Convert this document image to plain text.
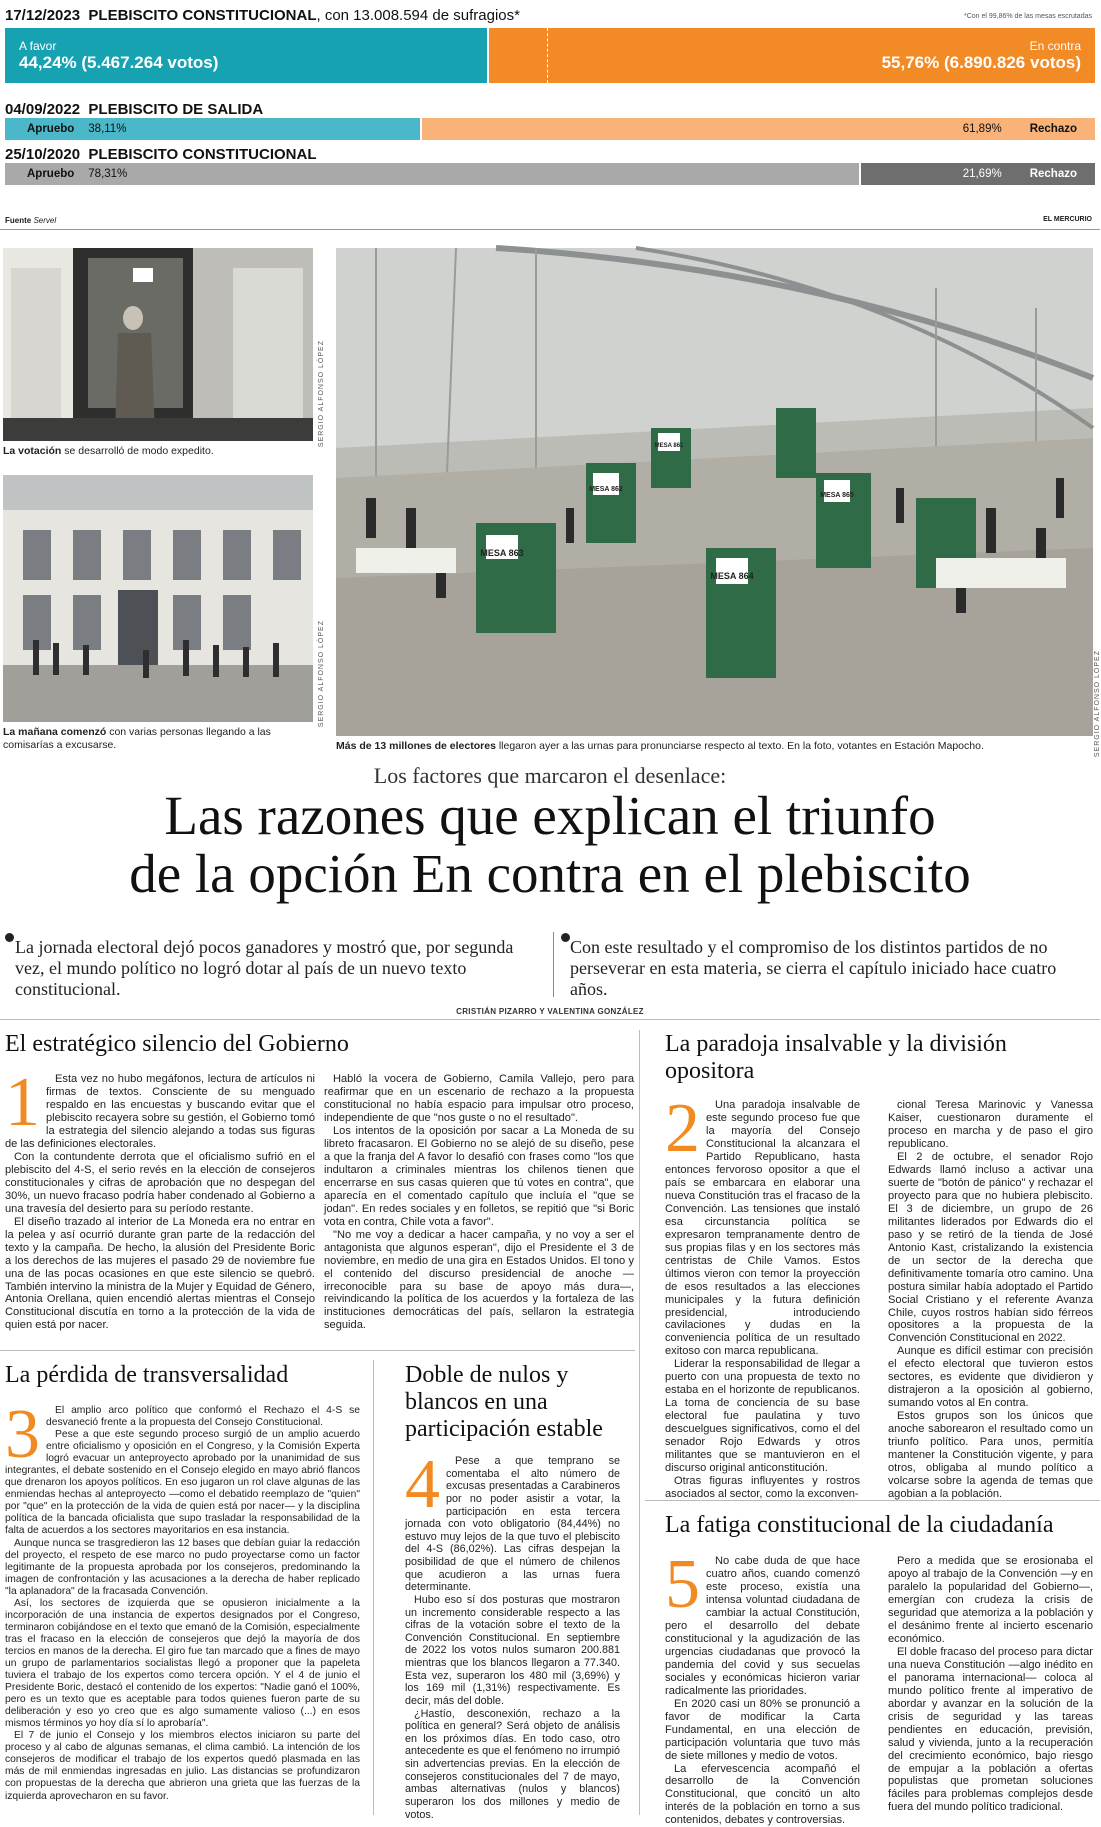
17/12/2023 PLEBISCITO CONSTITUCIONAL, con 13.008.594 de sufragios*	*Con el 99,86% de las mesas escrutadas
A favor
44,24% (5.467.264 votos)
En contra
55,76% (6.890.826 votos)
04/09/2022 PLEBISCITO DE SALIDA
Apruebo	38,11%	61,89%	Rechazo
25/10/2020 PLEBISCITO CONSTITUCIONAL
Apruebo	78,31%	21,69%	Rechazo
Fuente Servel	EL MERCURIO
SERGIO ALFONSO LÓPEZ
La votación se desarrolló de modo expedito.
SERGIO ALFONSO LÓPEZ
La mañana comenzó con varias personas llegando a las comisarías a excusarse.
MESA 863
MESA 862
MESA 861
MESA 865
MESA 864
SERGIO ALFONSO LÓPEZ
Más de 13 millones de electores llegaron ayer a las urnas para pronunciarse respecto al texto. En la foto, votantes en Estación Mapocho.
Los factores que marcaron el desenlace:
Las razones que explican el triunfo
de la opción En contra en el plebiscito
La jornada electoral dejó pocos ganadores y mostró que, por segunda vez, el mundo político no logró dotar al país de un nuevo texto constitucional.
Con este resultado y el compromiso de los distintos partidos de no perseverar en esta materia, se cierra el capítulo iniciado hace cuatro años.
CRISTIÁN PIZARRO Y VALENTINA GONZÁLEZ
El estratégico silencio del Gobierno
1	Esta vez no hubo megáfonos, lectura de artículos ni firmas de textos. Consciente de su menguado respaldo en las encuestas y buscando evitar que el plebiscito recayera sobre su gestión, el Gobierno tomó la estrategia del silencio alejando a todas sus figuras de las definiciones electorales.

Con la contundente derrota que el oficialismo sufrió en el plebiscito del 4-S, el serio revés en la elección de consejeros constitucionales y cifras de aprobación que no despegan del 30%, un nuevo fracaso podría haber condenado al Gobierno a una travesía del desierto para su período restante.

El diseño trazado al interior de La Moneda era no entrar en la pelea y así ocurrió durante gran parte de la redacción del texto y la campaña. De hecho, la alusión del Presidente Boric a los derechos de las mujeres el pasado 29 de noviembre fue una de las pocas ocasiones en que este silencio se quebró. También intervino la ministra de la Mujer y Equidad de Género, Antonia Orellana, quien encendió alertas mientras el Consejo Constitucional discutía en torno a la protección de la vida de quien está por nacer.

Habló la vocera de Gobierno, Camila Vallejo, pero para reafirmar que en un escenario de rechazo a la propuesta constitucional no había espacio para impulsar otro proceso, independiente de que "nos guste o no el resultado".

Los intentos de la oposición por sacar a La Moneda de su libreto fracasaron. El Gobierno no se alejó de su diseño, pese a que la franja del A favor lo desafió con frases como "los que indultaron a criminales mientras los chilenos tienen que encerrarse en sus casas quieren que tú votes en contra", que aparecía en el comentado capítulo que incluía el "que se jodan". En redes sociales y en folletos, se repitió que "si Boric vota en contra, Chile vota a favor".

"No me voy a dedicar a hacer campaña, y no voy a ser el antagonista que algunos esperan", dijo el Presidente el 3 de noviembre, en medio de una gira en Estados Unidos. El tono y el contenido del discurso presidencial de anoche —irreconocible para su base de apoyo más dura—, reivindicando la política de los acuerdos y la fortaleza de las instituciones democráticas del país, sellaron la estrategia seguida.

La paradoja insalvable y la división opositora
2	Una paradoja insalvable de este segundo proceso fue que la mayoría del Consejo Constitucional la alcanzara el Partido Republicano, hasta entonces fervoroso opositor a que el país se embarcara en elaborar una nueva Constitución tras el fracaso de la Convención. Las tensiones que instaló esa circunstancia política se expresaron tempranamente dentro de sus propias filas y en los sectores más centristas de Chile Vamos. Estos últimos vieron con temor la proyección de esos resultados a las elecciones municipales y la futura definición presidencial, introduciendo cavilaciones y dudas en la conveniencia política de un resultado exitoso con marca republicana.

Liderar la responsabilidad de llegar a puerto con una propuesta de texto no estaba en el horizonte de republicanos. La toma de conciencia de su base electoral fue paulatina y tuvo descuelgues significativos, como el del senador Rojo Edwards y otros militantes que se mantuvieron en el discurso original anticonstitución.

Otras figuras influyentes y rostros asociados al sector, como la exconven-

cional Teresa Marinovic y Vanessa Kaiser, cuestionaron duramente el proceso en marcha y de paso el giro republicano.

El 2 de octubre, el senador Rojo Edwards llamó incluso a activar una suerte de "botón de pánico" y rechazar el proyecto para que no hubiera plebiscito. El 3 de diciembre, un grupo de 26 militantes liderados por Edwards dio el paso y se retiró de la tienda de José Antonio Kast, cristalizando la existencia de un sector de la derecha que definitivamente tomaría otro camino. Una postura similar había adoptado el Partido Social Cristiano y el referente Avanza Chile, cuyos rostros habían sido férreos opositores a la propuesta de la Convención Constitucional en 2022.

Aunque es difícil estimar con precisión el efecto electoral que tuvieron estos sectores, es evidente que dividieron y distrajeron a la oposición al gobierno, sumando votos al En contra.

Estos grupos son los únicos que anoche saborearon el resultado como un triunfo político. Para unos, permitía mantener la Constitución vigente, y para otros, obligaba al mundo político a volcarse sobre la agenda de temas que agobian a la población.

La pérdida de transversalidad
3	El amplio arco político que conformó el Rechazo el 4-S se desvaneció frente a la propuesta del Consejo Constitucional.

Pese a que este segundo proceso surgió de un amplio acuerdo entre oficialismo y oposición en el Congreso, y la Comisión Experta logró evacuar un anteproyecto aprobado por la unanimidad de sus integrantes, el debate sostenido en el Consejo elegido en mayo abrió flancos que drenaron los apoyos políticos. En eso jugaron un rol clave algunas de las enmiendas hechas al anteproyecto —como el debatido reemplazo de "quien" por "que" en la protección de la vida de quien está por nacer— y la disciplina política de la bancada oficialista que supo trasladar la responsabilidad de la falta de acuerdos a los sectores mayoritarios en esa instancia.

Aunque nunca se trasgredieron las 12 bases que debían guiar la redacción del proyecto, el respeto de ese marco no pudo proyectarse como un factor legitimante de la propuesta aprobada por los consejeros, predominando la imagen de confrontación y las acusaciones a la derecha de haber replicado "la aplanadora" de la fracasada Convención.

Así, los sectores de izquierda que se opusieron inicialmente a la incorporación de una instancia de expertos designados por el Congreso, terminaron cobijándose en el texto que emanó de la Comisión, especialmente tras el fracaso en la elección de consejeros que dejó la mayoría de dos tercios en manos de la derecha. El giro fue tan marcado que a fines de mayo un grupo de parlamentarios socialistas llegó a proponer que la papeleta tuviera el trabajo de los expertos como tercera opción. Y el 4 de junio el Presidente Boric, destacó el contenido de los expertos: "Nadie ganó el 100%, pero es un texto que es aceptable para todos quienes fueron parte de su deliberación y eso yo creo que es algo sumamente valioso (...) en esos mismos términos yo hoy día sí lo aprobaría".

El 7 de junio el Consejo y los miembros electos iniciaron su parte del proceso y al cabo de algunas semanas, el clima cambió. La intención de los consejeros de modificar el trabajo de los expertos quedó plasmada en las más de mil enmiendas ingresadas en julio. Las distancias se profundizaron con propuestas de la derecha que abrieron una grieta que las fuerzas de la izquierda aprovecharon en su favor.

Doble de nulos y blancos en una participación estable
4	Pese a que temprano se comentaba el alto número de excusas presentadas a Carabineros por no poder asistir a votar, la participación en esta tercera jornada con voto obligatorio (84,44%) no estuvo muy lejos de la que tuvo el plebiscito del 4-S (86,02%). Las cifras despejan la posibilidad de que el número de chilenos que acudieron a las urnas fuera determinante.

Hubo eso sí dos posturas que mostraron un incremento considerable respecto a las cifras de la votación sobre el texto de la Convención Constitucional. En septiembre de 2022 los votos nulos sumaron 200.881 mientras que los blancos llegaron a 77.340. Esta vez, superaron los 480 mil (3,69%) y los 169 mil (1,31%) respectivamente. Es decir, más del doble.

¿Hastío, desconexión, rechazo a la política en general? Será objeto de análisis en los próximos días. En todo caso, otro antecedente es que el fenómeno no irrumpió sin advertencias previas. En la elección de consejeros constitucionales del 7 de mayo, ambas alternativas (nulos y blancos) superaron los dos millones y medio de votos.

La fatiga constitucional de la ciudadanía
5	No cabe duda de que hace cuatro años, cuando comenzó este proceso, existía una intensa voluntad ciudadana de cambiar la actual Constitución, pero el desarrollo del debate constitucional y la agudización de las urgencias ciudadanas que provocó la pandemia del covid y sus secuelas sociales y económicas hicieron variar radicalmente las prioridades.

En 2020 casi un 80% se pronunció a favor de modificar la Carta Fundamental, en una elección de participación voluntaria que tuvo más de siete millones y medio de votos.

La efervescencia acompañó el desarrollo de la Convención Constitucional, que concitó un alto interés de la población en torno a sus contenidos, debates y controversias.

Pero a medida que se erosionaba el apoyo al trabajo de la Convención —y en paralelo la popularidad del Gobierno—, emergían con crudeza la crisis de seguridad que atemoriza a la población y el desánimo frente al incierto escenario económico.

El doble fracaso del proceso para dictar una nueva Constitución —algo inédito en el panorama internacional— coloca al mundo político frente al imperativo de abordar y avanzar en la solución de la crisis de seguridad y las tareas pendientes en educación, previsión, salud y vivienda, junto a la recuperación del crecimiento económico, bajo riesgo de empujar a la población a ofertas populistas que prometan soluciones fáciles para problemas complejos desde fuera del mundo político tradicional.
